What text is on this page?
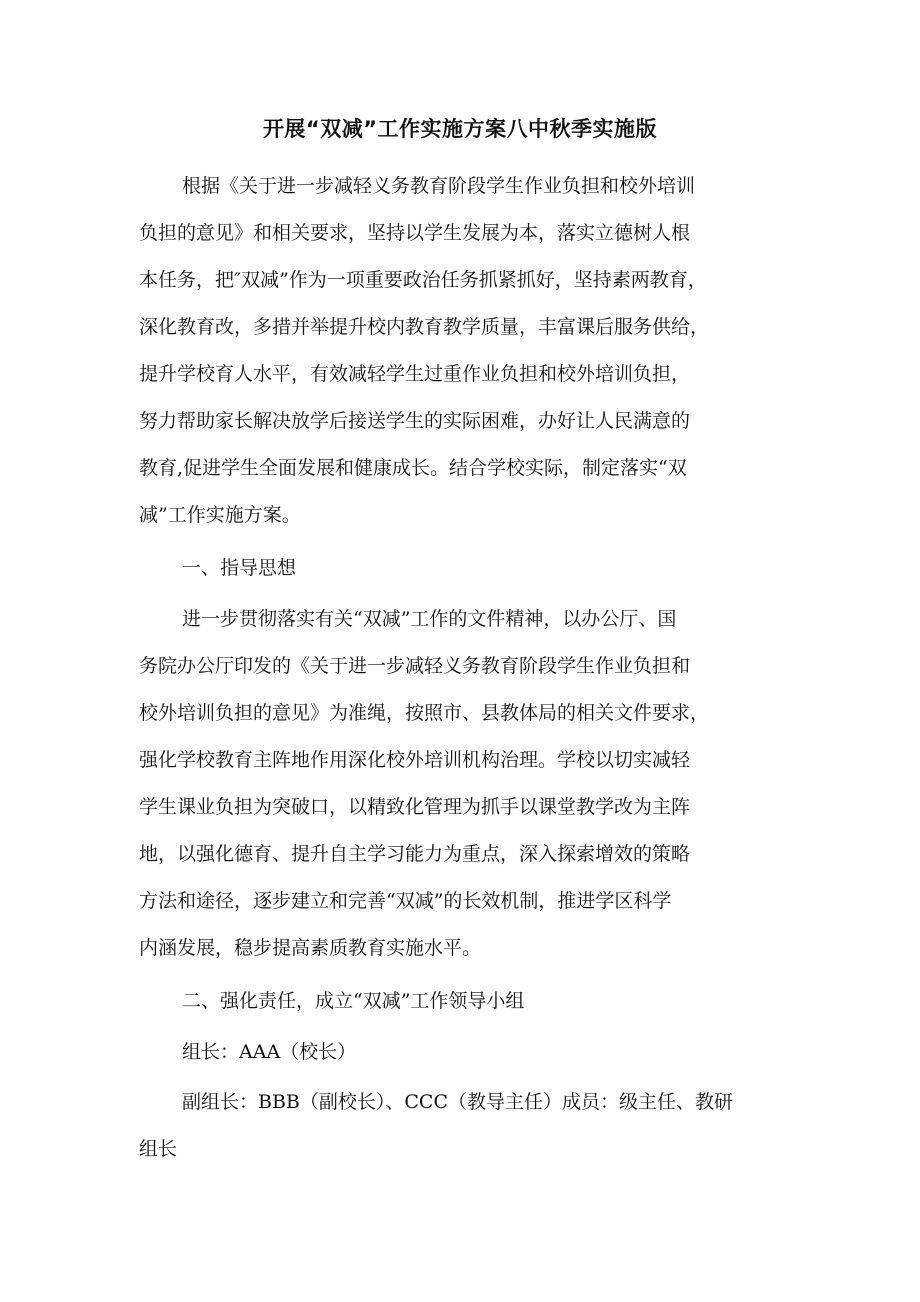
开展“双减”工作实施方案八中秋季实施版
根据《关于进一步减轻义务教育阶段学生作业负担和校外培训
负担的意见》和相关要求，坚持以学生发展为本，落实立德树人根
本任务，把″双减”作为一项重要政治任务抓紧抓好，坚持素两教育，
深化教育改，多措并举提升校内教育教学质量，丰富课后服务供给，
提升学校育人水平，有效减轻学生过重作业负担和校外培训负担，
努力帮助家长解决放学后接送学生的实际困难，办好让人民满意的
教育,促进学生全面发展和健康成长。结合学校实际，制定落实“双
减”工作实施方案。
一、指导思想
进一步贯彻落实有关“双减”工作的文件精神，以办公厅、国
务院办公厅印发的《关于进一步减轻义务教育阶段学生作业负担和
校外培训负担的意见》为准绳，按照市、县教体局的相关文件要求，
强化学校教育主阵地作用深化校外培训机构治理。学校以切实减轻
学生课业负担为突破口，以精致化管理为抓手以课堂教学改为主阵
地，以强化德育、提升自主学习能力为重点，深入探索增效的策略
方法和途径，逐步建立和完善“双减”的长效机制，推进学区科学
内涵发展，稳步提高素质教育实施水平。
二、强化责任，成立“双减”工作领导小组
组长：AAA（校长）
副组长：BBB（副校长）、CCC（教导主任）成员：级主任、教研
组长
